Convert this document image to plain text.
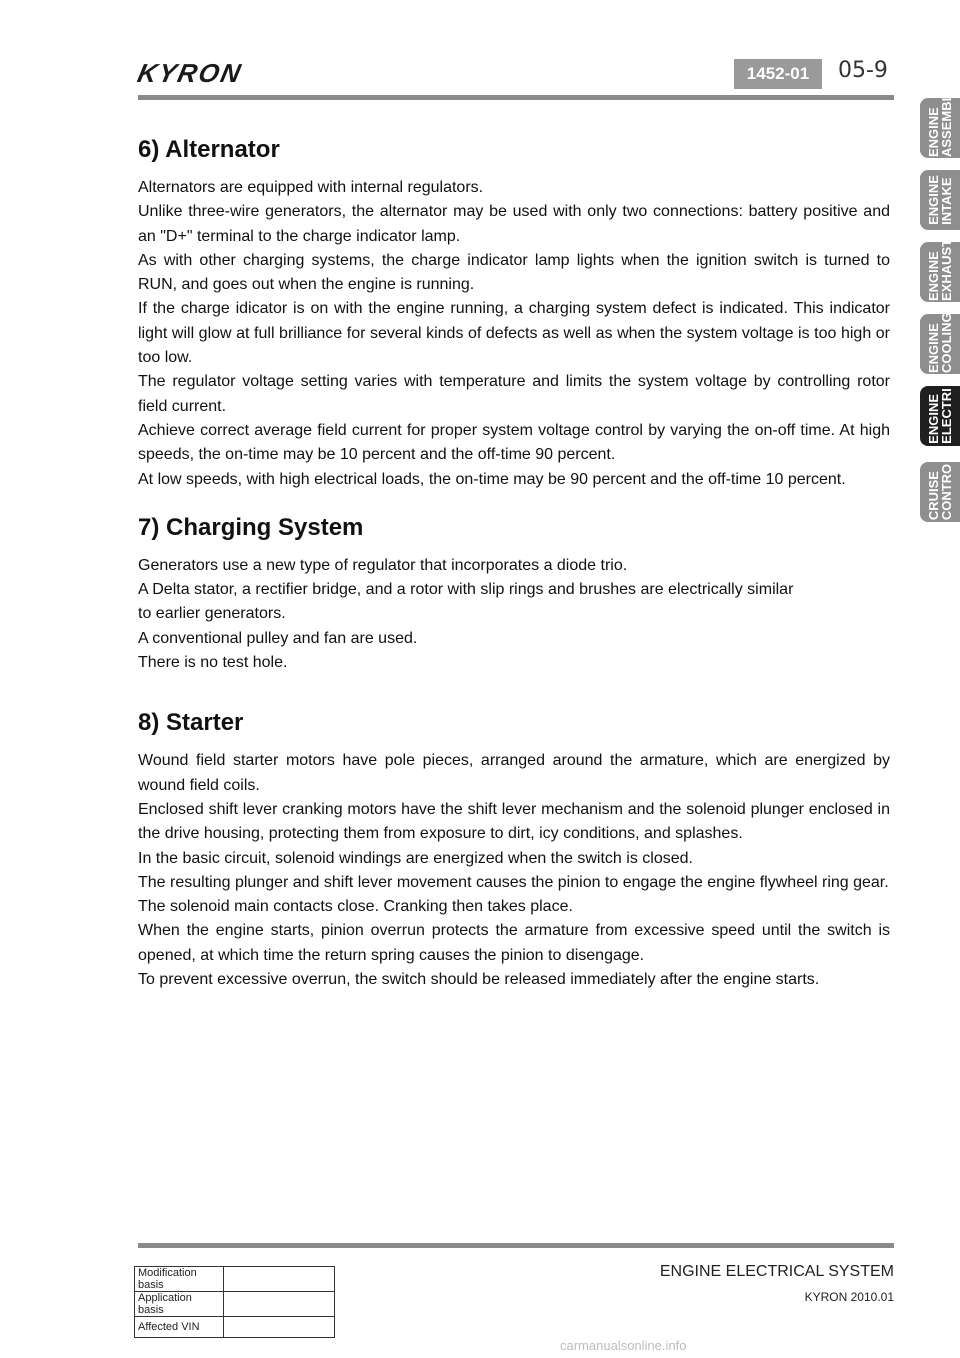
KYRON	1452-01	05-9
ENGINE
ASSEMBL
ENGINE
INTAKE
ENGINE
EXHAUST
ENGINE
COOLING
ENGINE
ELECTRI
CRUISE
CONTRO
6) Alternator

Alternators are equipped with internal regulators.

Unlike three-wire generators, the alternator may be used with only two connections: battery positive and an "D+" terminal to the charge indicator lamp.

As with other charging systems, the charge indicator lamp lights when the ignition switch is turned to RUN, and goes out when the engine is running.

If the charge idicator is on with the engine running, a charging system defect is indicated. This indicator light will glow at full brilliance for several kinds of defects as well as when the system voltage is too high or too low.

The regulator voltage setting varies with temperature and limits the system voltage by controlling rotor field current.

Achieve correct average field current for proper system voltage control by varying the on-off time. At high speeds, the on-time may be 10 percent and the off-time 90 percent.

At low speeds, with high electrical loads, the on-time may be 90 percent and the off-time 10 percent.

7) Charging System

Generators use a new type of regulator that incorporates a diode trio.

A Delta stator, a rectifier bridge, and a rotor with slip rings and brushes are electrically similar

to earlier generators.

A conventional pulley and fan are used.

There is no test hole.

8) Starter

Wound field starter motors have pole pieces, arranged around the armature, which are energized by wound field coils.

Enclosed shift lever cranking motors have the shift lever mechanism and the solenoid plunger enclosed in the drive housing, protecting them from exposure to dirt, icy conditions, and splashes.

In the basic circuit, solenoid windings are energized when the switch is closed.

The resulting plunger and shift lever movement causes the pinion to engage the engine flywheel ring gear.

The solenoid main contacts close. Cranking then takes place.

When the engine starts, pinion overrun protects the armature from excessive speed until the switch is opened, at which time the return spring causes the pinion to disengage.

To prevent excessive overrun, the switch should be released immediately after the engine starts.

Modification basis	
Application basis	
Affected VIN	
ENGINE ELECTRICAL SYSTEM
KYRON 2010.01
carmanualsonline.info
